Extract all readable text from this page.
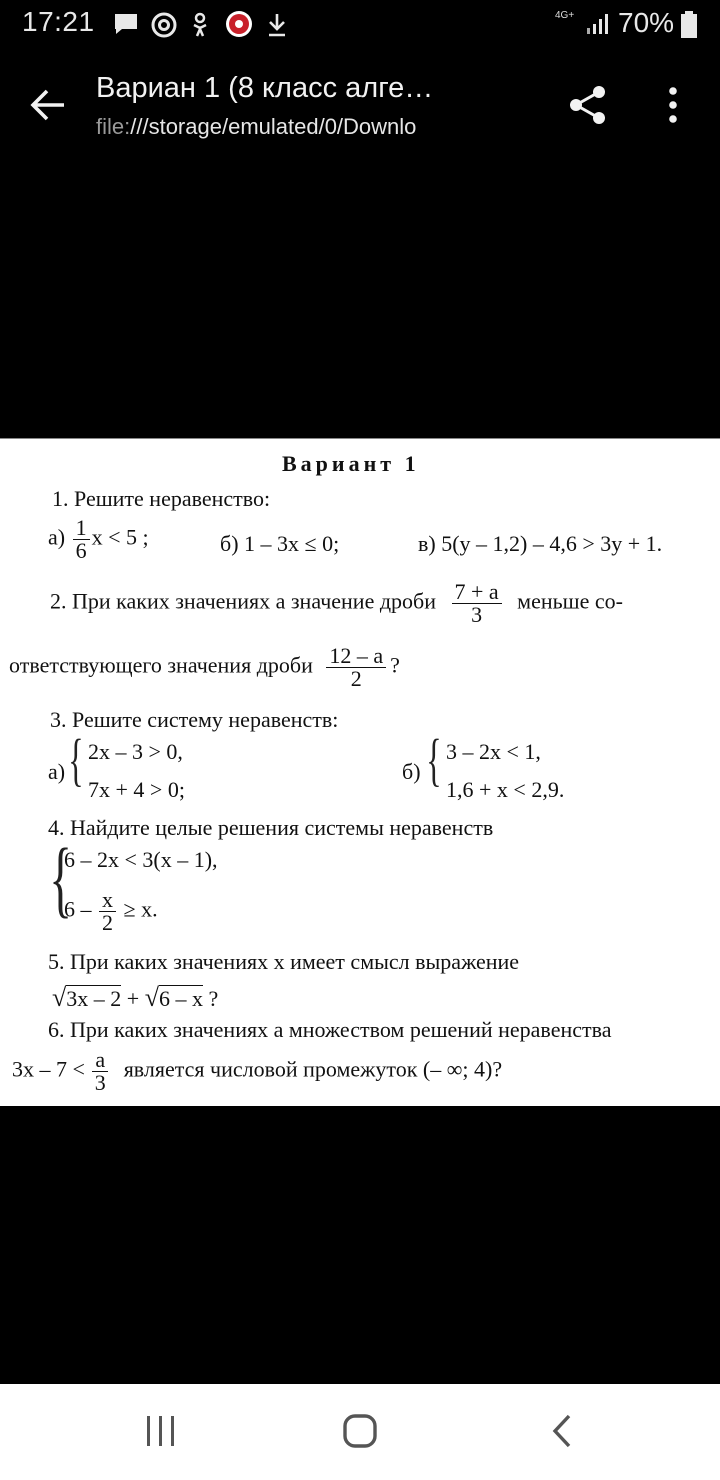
17:21	4G+ 70%
Вариан 1 (8 класс алге…
file:///storage/emulated/0/Downlo
Вариант 1
1. Решите неравенство:
$а) \frac{1}{6}$ x < 5 ;	б) 1 – 3x ≤ 0;	в) 5(y – 1,2) – 4,6 > 3y + 1.
2. При каких значениях a значение дроби $\frac{7 + a}{3}$ меньше со-
ответствующего значения дроби $\frac{12 - a}{2}$ ?
3. Решите систему неравенств:
а) { 2x – 3 > 0,
7x + 4 > 0;
б) { 3 – 2x < 1,
1,6 + x < 2,9.
4. Найдите целые решения системы неравенств
{
6 – 2x < 3(x – 1),
$6 - \frac{x}{2} \ge x$.
5. При каких значениях x имеет смысл выражение
√3x – 2 + √6 – x ?
6. При каких значениях a множеством решений неравенства
$3x - 7 < \frac{a}{3}$ является числовой промежуток (– ∞; 4)?
